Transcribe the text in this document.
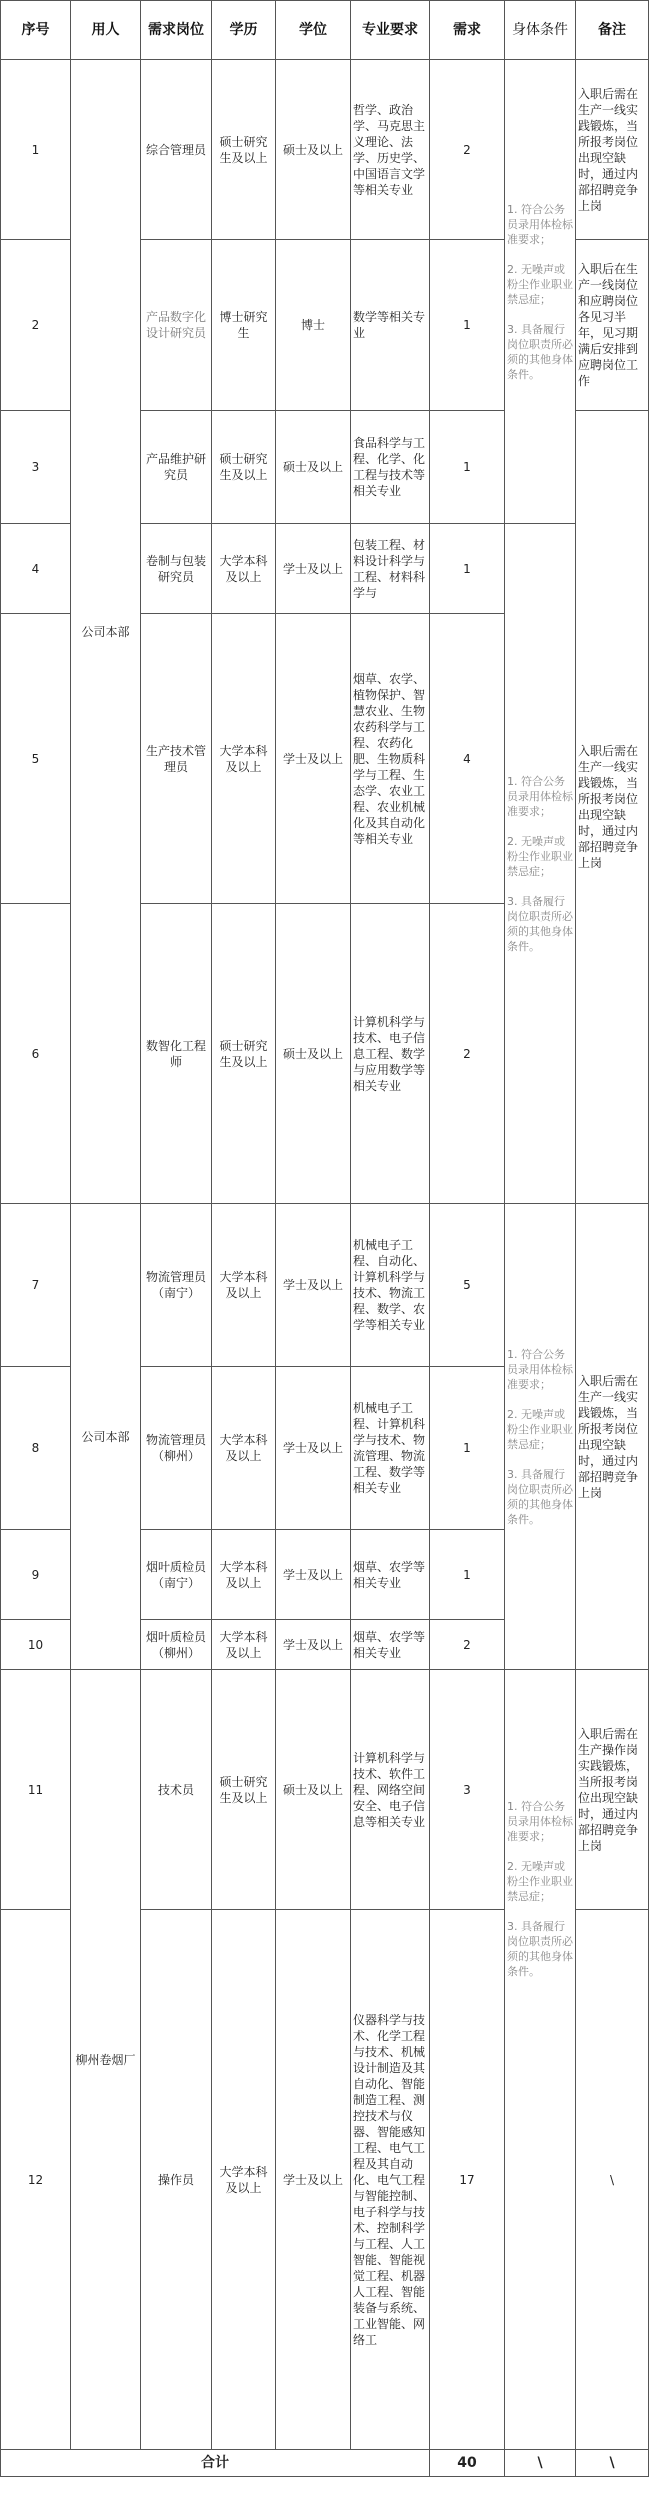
序号	用人	需求岗位	学历	学位	专业要求	需求	身体条件	备注
1	公司本部	综合管理员	硕士研究生及以上	硕士及以上	哲学、政治学、马克思主义理论、法学、历史学、中国语言文学等相关专业	2	1. 符合公务员录用体检标准要求；

2. 无噪声或粉尘作业职业禁忌症；

3. 具备履行岗位职责所必须的其他身体条件。	入职后需在生产一线实践锻炼，当所报考岗位出现空缺时，通过内部招聘竞争上岗
2		产品数字化设计研究员	博士研究生	博士	数学等相关专业	1		入职后在生产一线岗位和应聘岗位各见习半年，见习期满后安排到应聘岗位工作
3		产品维护研究员	硕士研究生及以上	硕士及以上	食品科学与工程、化学、化工程与技术等相关专业	1		入职后需在生产一线实践锻炼，当所报考岗位出现空缺时，通过内部招聘竞争上岗
4		卷制与包装研究员	大学本科及以上	学士及以上	包装工程、材料设计科学与工程、材料科学与	1	1. 符合公务员录用体检标准要求；

2. 无噪声或粉尘作业职业禁忌症；

3. 具备履行岗位职责所必须的其他身体条件。	
5		生产技术管理员	大学本科及以上	学士及以上	烟草、农学、植物保护、智慧农业、生物农药科学与工程、农药化肥、生物质科学与工程、生态学、农业工程、农业机械化及其自动化等相关专业	4		
6		数智化工程师	硕士研究生及以上	硕士及以上	计算机科学与技术、电子信息工程、数学与应用数学等相关专业	2		
7	公司本部	物流管理员（南宁）	大学本科及以上	学士及以上	机械电子工程、自动化、计算机科学与技术、物流工程、数学、农学等相关专业	5	1. 符合公务员录用体检标准要求；

2. 无噪声或粉尘作业职业禁忌症；

3. 具备履行岗位职责所必须的其他身体条件。	入职后需在生产一线实践锻炼，当所报考岗位出现空缺时，通过内部招聘竞争上岗
8		物流管理员（柳州）	大学本科及以上	学士及以上	机械电子工程、计算机科学与技术、物流管理、物流工程、数学等相关专业	1		
9		烟叶质检员（南宁）	大学本科及以上	学士及以上	烟草、农学等相关专业	1		
10		烟叶质检员（柳州）	大学本科及以上	学士及以上	烟草、农学等相关专业	2		
11	柳州卷烟厂	技术员	硕士研究生及以上	硕士及以上	计算机科学与技术、软件工程、网络空间安全、电子信息等相关专业	3	1. 符合公务员录用体检标准要求；

2. 无噪声或粉尘作业职业禁忌症；

3. 具备履行岗位职责所必须的其他身体条件。	入职后需在生产操作岗实践锻炼，当所报考岗位出现空缺时，通过内部招聘竞争上岗
12		操作员	大学本科及以上	学士及以上	仪器科学与技术、化学工程与技术、机械设计制造及其自动化、智能制造工程、测控技术与仪器、智能感知工程、电气工程及其自动化、电气工程与智能控制、电子科学与技术、控制科学与工程、人工智能、智能视觉工程、机器人工程、智能装备与系统、工业智能、网络工	17		\
合计						40	\	\
